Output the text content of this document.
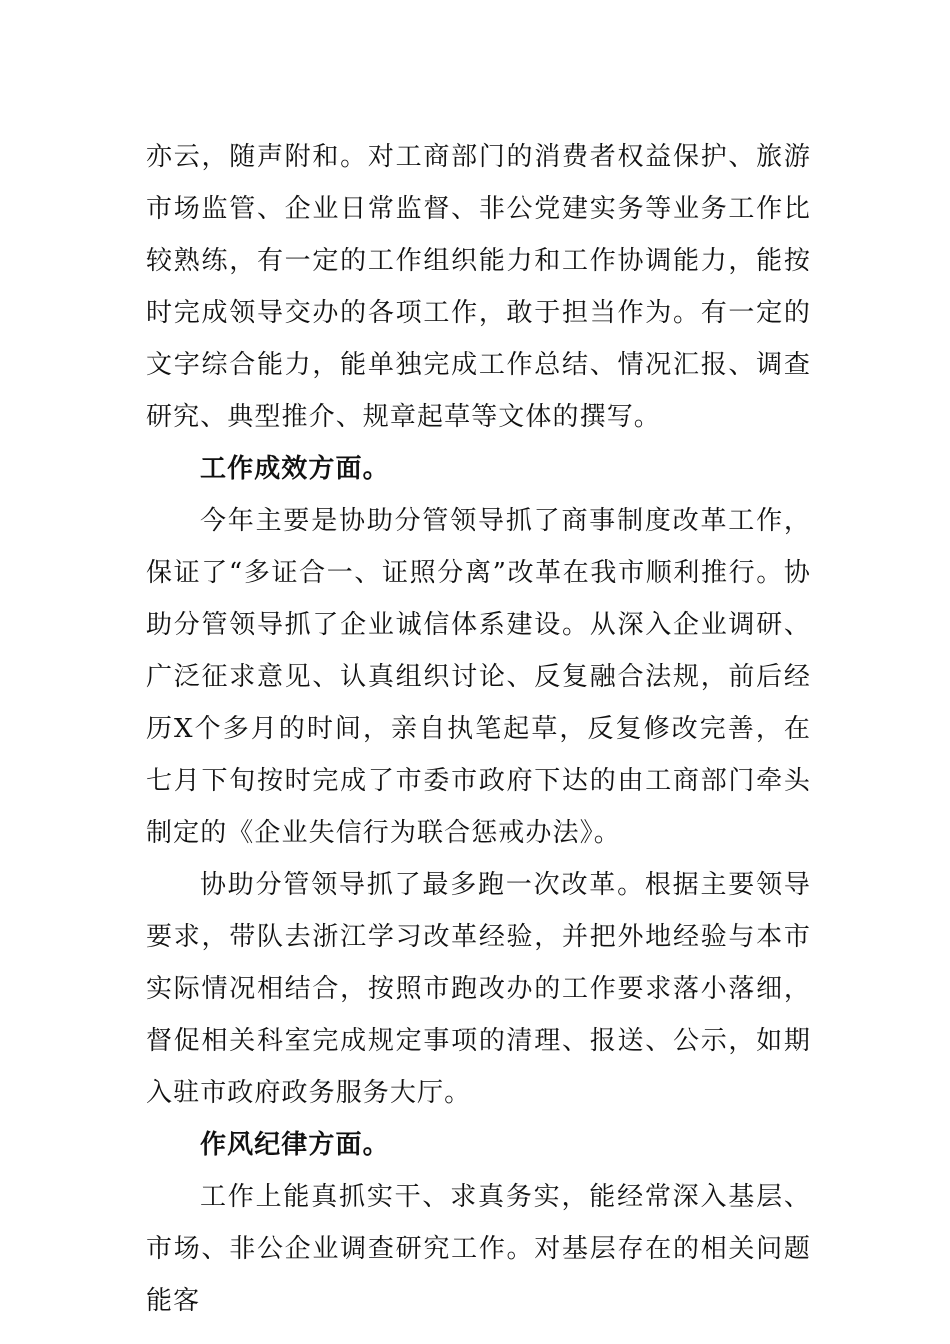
亦云，随声附和。对工商部门的消费者权益保护、旅游市场监管、企业日常监督、非公党建实务等业务工作比较熟练，有一定的工作组织能力和工作协调能力，能按时完成领导交办的各项工作，敢于担当作为。有一定的文字综合能力，能单独完成工作总结、情况汇报、调查研究、典型推介、规章起草等文体的撰写。

工作成效方面。

今年主要是协助分管领导抓了商事制度改革工作，保证了“多证合一、证照分离”改革在我市顺利推行。协助分管领导抓了企业诚信体系建设。从深入企业调研、广泛征求意见、认真组织讨论、反复融合法规，前后经历X个多月的时间，亲自执笔起草，反复修改完善，在七月下旬按时完成了市委市政府下达的由工商部门牵头制定的《企业失信行为联合惩戒办法》。

协助分管领导抓了最多跑一次改革。根据主要领导要求，带队去浙江学习改革经验，并把外地经验与本市实际情况相结合，按照市跑改办的工作要求落小落细，督促相关科室完成规定事项的清理、报送、公示，如期入驻市政府政务服务大厅。

作风纪律方面。

工作上能真抓实干、求真务实，能经常深入基层、市场、非公企业调查研究工作。对基层存在的相关问题能客
